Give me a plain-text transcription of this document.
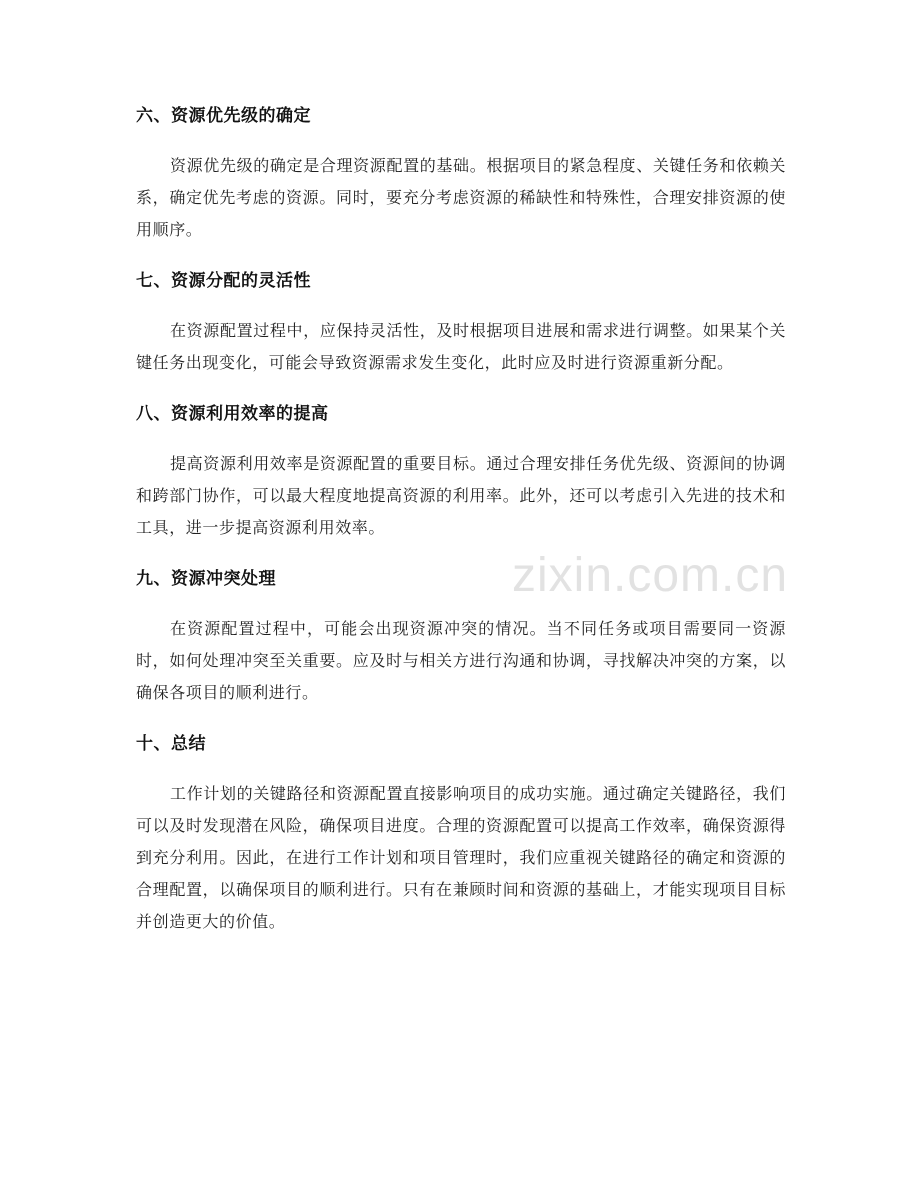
六、资源优先级的确定

资源优先级的确定是合理资源配置的基础。根据项目的紧急程度、关键任务和依赖关系，确定优先考虑的资源。同时，要充分考虑资源的稀缺性和特殊性，合理安排资源的使用顺序。

七、资源分配的灵活性

在资源配置过程中，应保持灵活性，及时根据项目进展和需求进行调整。如果某个关键任务出现变化，可能会导致资源需求发生变化，此时应及时进行资源重新分配。

八、资源利用效率的提高

提高资源利用效率是资源配置的重要目标。通过合理安排任务优先级、资源间的协调和跨部门协作，可以最大程度地提高资源的利用率。此外，还可以考虑引入先进的技术和工具，进一步提高资源利用效率。

九、资源冲突处理

在资源配置过程中，可能会出现资源冲突的情况。当不同任务或项目需要同一资源时，如何处理冲突至关重要。应及时与相关方进行沟通和协调，寻找解决冲突的方案，以确保各项目的顺利进行。

十、总结

工作计划的关键路径和资源配置直接影响项目的成功实施。通过确定关键路径，我们可以及时发现潜在风险，确保项目进度。合理的资源配置可以提高工作效率，确保资源得到充分利用。因此，在进行工作计划和项目管理时，我们应重视关键路径的确定和资源的合理配置，以确保项目的顺利进行。只有在兼顾时间和资源的基础上，才能实现项目目标并创造更大的价值。

zixin.com.cn
